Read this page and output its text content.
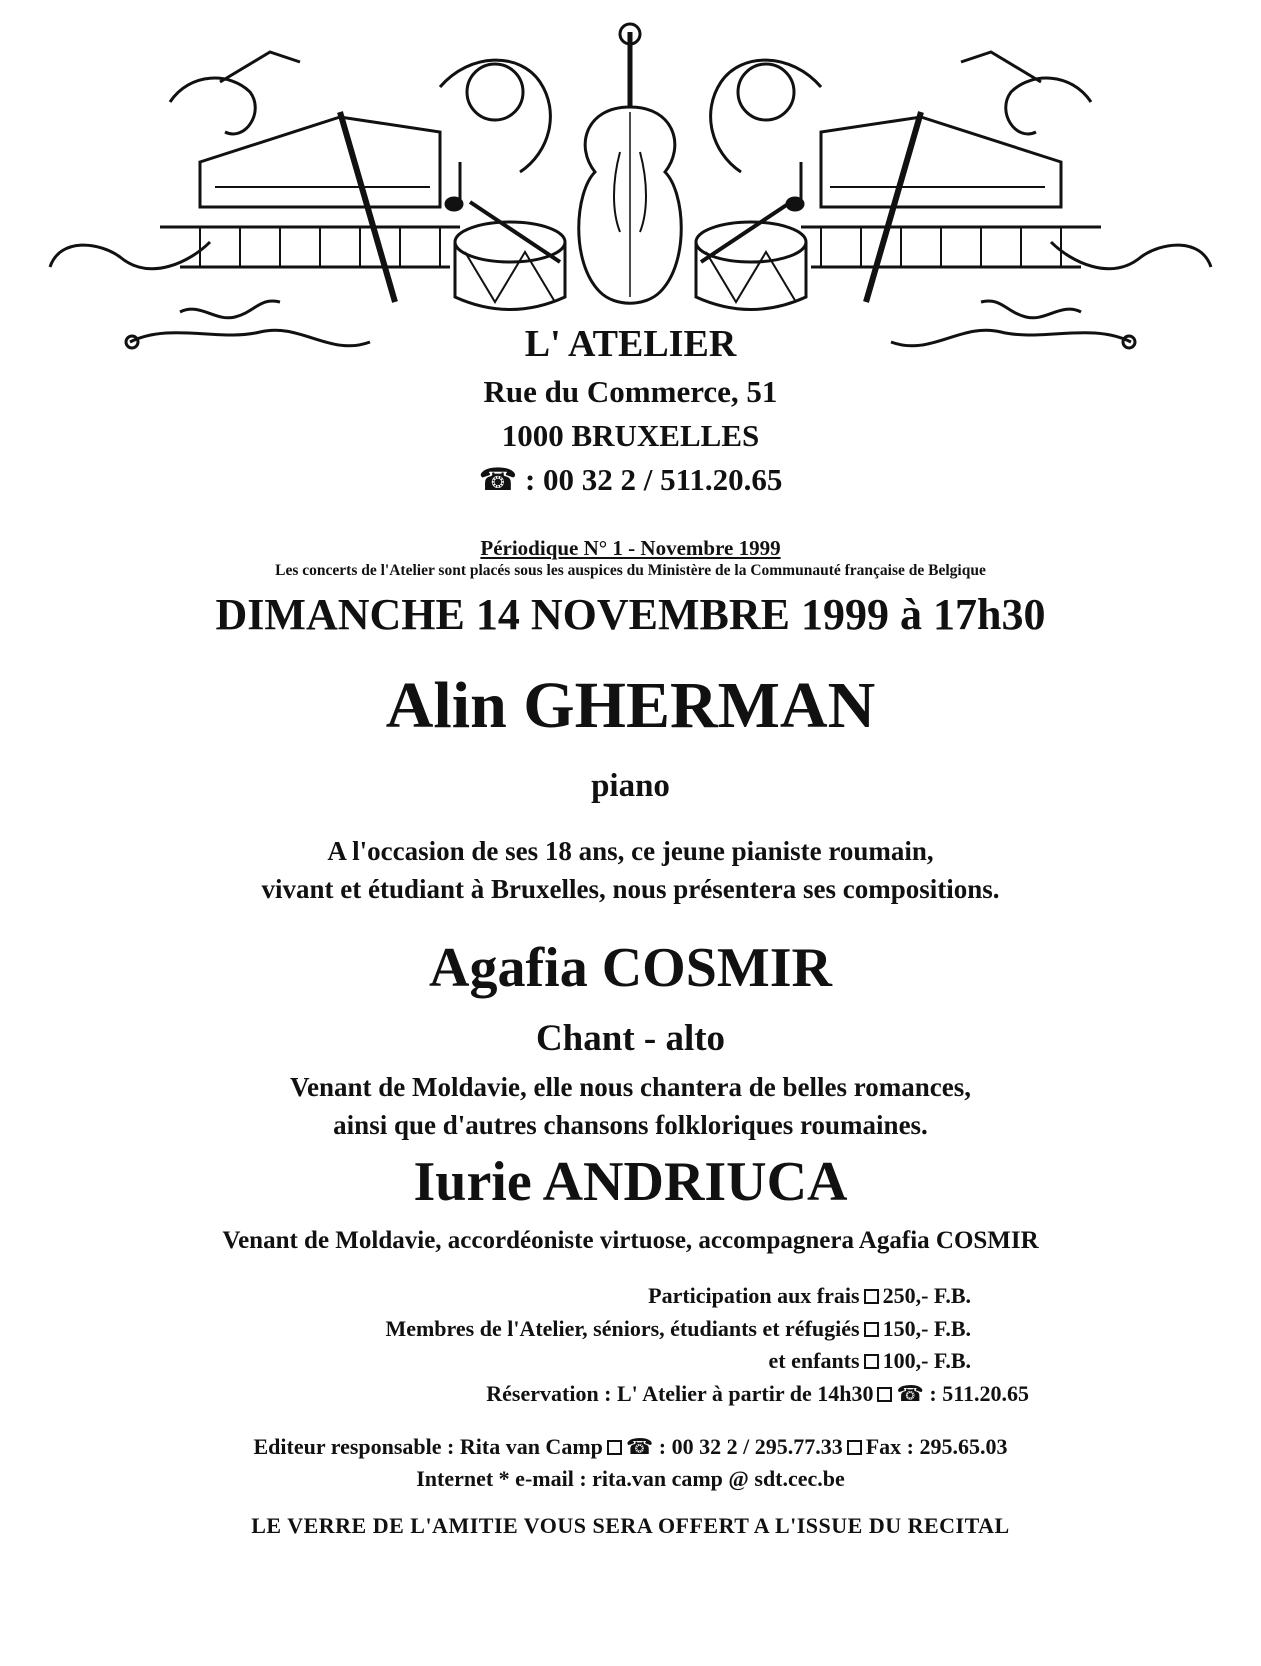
L' ATELIER
Rue du Commerce, 51
1000 BRUXELLES
☎ : 00 32 2 / 511.20.65
Périodique N° 1 - Novembre 1999
Les concerts de l'Atelier sont placés sous les auspices du Ministère de la Communauté française de Belgique
DIMANCHE 14 NOVEMBRE 1999 à 17h30
Alin GHERMAN
piano
A l'occasion de ses 18 ans, ce jeune pianiste roumain,
vivant et étudiant à Bruxelles, nous présentera ses compositions.
Agafia COSMIR
Chant - alto
Venant de Moldavie, elle nous chantera de belles romances,
ainsi que d'autres chansons folkloriques roumaines.
Iurie ANDRIUCA
Venant de Moldavie, accordéoniste virtuose, accompagnera Agafia COSMIR
Participation aux frais 250,- F.B.
Membres de l'Atelier, séniors, étudiants et réfugiés 150,- F.B.
et enfants 100,- F.B.
Réservation : L' Atelier à partir de 14h30 ☎ : 511.20.65
Editeur responsable : Rita van Camp ☎ : 00 32 2 / 295.77.33 Fax : 295.65.03
Internet * e-mail : rita.van camp @ sdt.cec.be
LE VERRE DE L'AMITIE VOUS SERA OFFERT A L'ISSUE DU RECITAL
